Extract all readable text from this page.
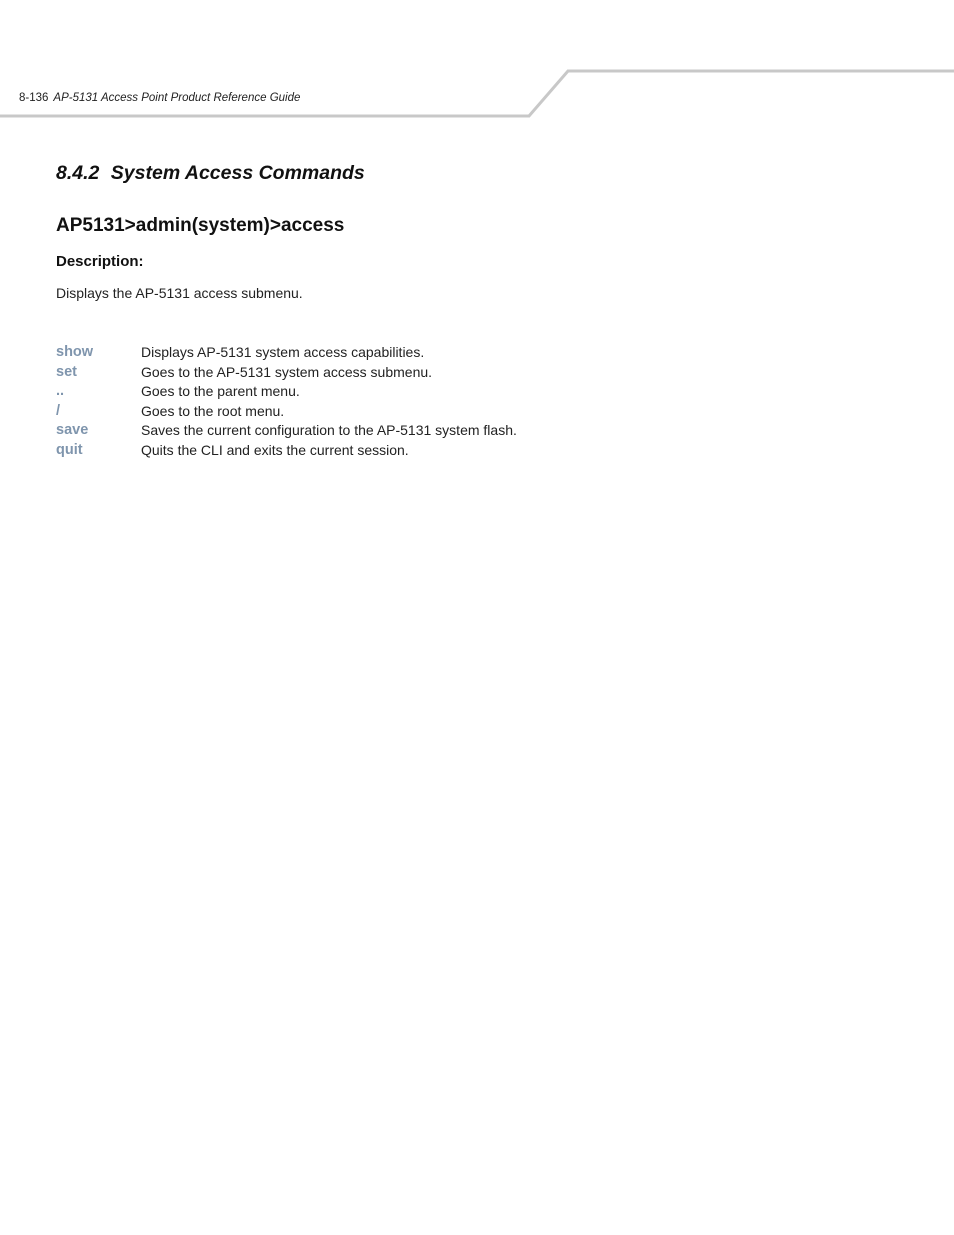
8-136 AP-5131 Access Point Product Reference Guide
8.4.2 System Access Commands
AP5131>admin(system)>access
Description:
Displays the AP-5131 access submenu.
show	Displays AP-5131 system access capabilities.
set	Goes to the AP-5131 system access submenu.
..	Goes to the parent menu.
/	Goes to the root menu.
save	Saves the current configuration to the AP-5131 system flash.
quit	Quits the CLI and exits the current session.
